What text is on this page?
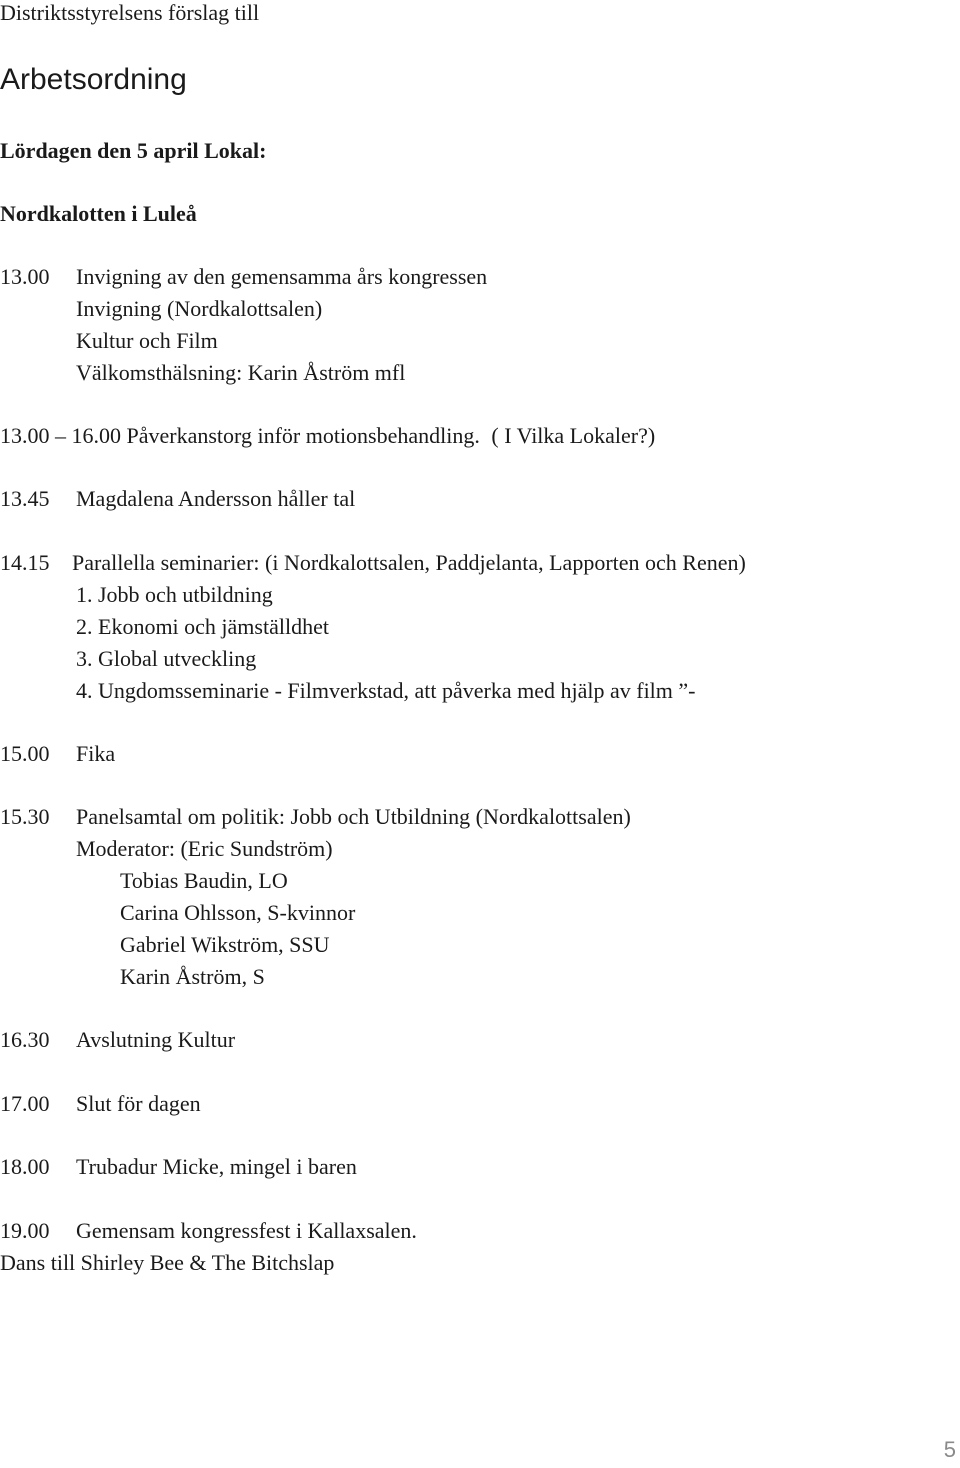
Distriktsstyrelsens förslag till
Arbetsordning
Lördagen den 5 april Lokal:
Nordkalotten i Luleå
13.00 Invigning av den gemensamma års kongressen
Invigning (Nordkalottsalen)
Kultur och Film
Välkomsthälsning: Karin Åström mfl
13.00 – 16.00 Påverkanstorg inför motionsbehandling. ( I Vilka Lokaler?)
13.45 Magdalena Andersson håller tal
14.15 Parallella seminarier: (i Nordkalottsalen, Paddjelanta, Lapporten och Renen)
1. Jobb och utbildning
2. Ekonomi och jämställdhet
3. Global utveckling
4. Ungdomsseminarie - Filmverkstad, att påverka med hjälp av film ”-
15.00 Fika
15.30 Panelsamtal om politik: Jobb och Utbildning (Nordkalottsalen)
Moderator: (Eric Sundström)
Tobias Baudin, LO
Carina Ohlsson, S-kvinnor
Gabriel Wikström, SSU
Karin Åström, S
16.30 Avslutning Kultur
17.00 Slut för dagen
18.00 Trubadur Micke, mingel i baren
19.00 Gemensam kongressfest i Kallaxsalen.
Dans till Shirley Bee & The Bitchslap
5
